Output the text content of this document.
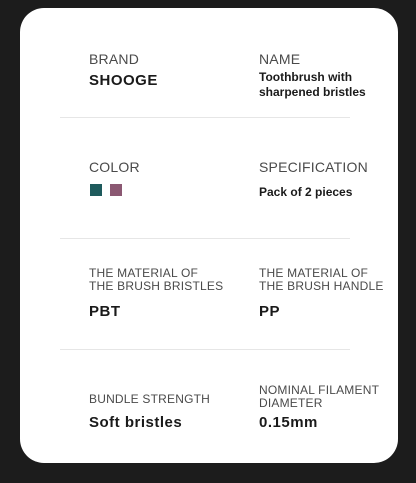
BRAND
SHOOGE
NAME
Toothbrush with
sharpened bristles
COLOR	SPECIFICATION
Pack of 2 pieces
THE MATERIAL OF
THE BRUSH BRISTLES
PBT
THE MATERIAL OF
THE BRUSH HANDLE
PP
BUNDLE STRENGTH
Soft bristles
NOMINAL FILAMENT
DIAMETER
0.15mm
